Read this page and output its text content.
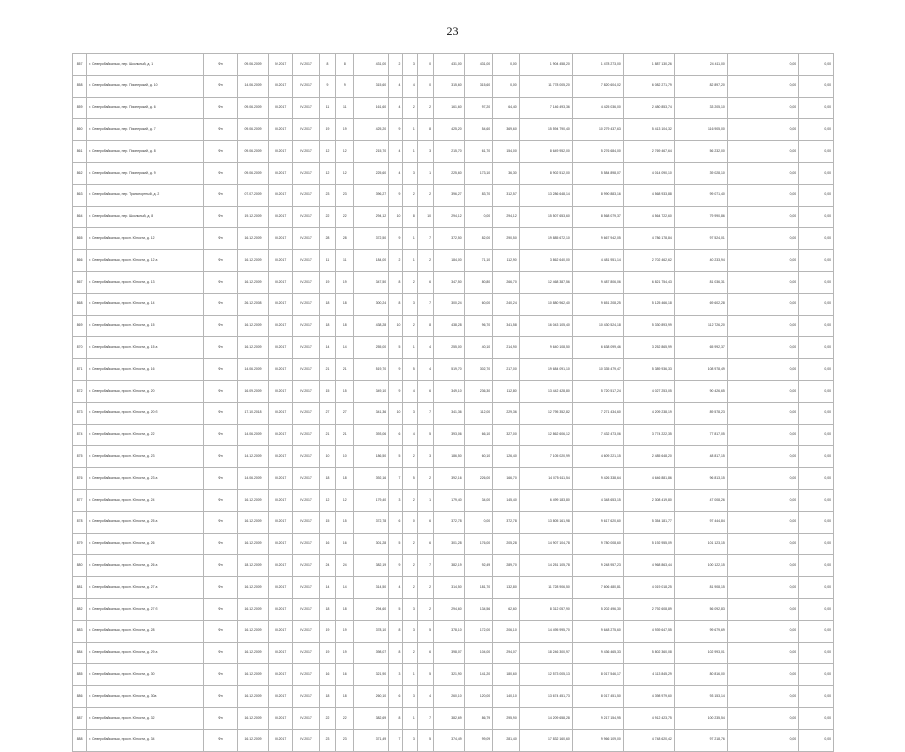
23
857	г. Северобайкальск, пер. Школьный, д. 1	Фн	09.06.2009	IV.2017	IV.2017	8	8	431,00	2	3	0	431,00	431,00	0,00	1 904 458,20	1 478 273,00	1 887 130,26	24 411,00	0,00	0,00
858	г. Северобайкальск, пер. Пионерский, д. 10	Фн	14.06.2009	III.2017	IV.2017	9	9	315,60	4	4	0	315,60	315,60	0,00	11 778 005,20	7 820 604,02	6 082 271,79	82 897,20	0,00	0,00
859	г. Северобайкальск, пер. Пионерский, д. 6	Фн	09.06.2009	III.2017	IV.2017	11	11	161,60	4	2	2	161,60	97,20	64,40	7 146 493,36	4 425 036,00	2 480 853,74	33 205,10	0,00	0,00
860	г. Северобайкальск, пер. Пионерский, д. 7	Фн	09.06.2009	III.2017	IV.2017	19	19	425,20	9	1	8	425,20	54,60	369,60	15 594 790,40	10 279 437,63	5 413 104,32	116 905,00	0,00	0,00
861	г. Северобайкальск, пер. Пионерский, д. 8	Фн	09.06.2009	III.2017	IV.2017	12	12	215,70	4	1	3	215,70	61,70	154,00	8 649 952,00	5 276 684,00	2 769 467,64	56 232,00	0,00	0,00
862	г. Северобайкальск, пер. Пионерский, д. 9	Фн	09.06.2009	III.2017	IV.2017	12	12	225,60	4	3	1	225,60	173,10	36,30	8 902 512,00	5 584 898,07	4 014 090,10	39 028,10	0,00	0,00
863	г. Северобайкальск, пер. Транспортный, д. 2	Фн	07.07.2009	III.2017	IV.2017	23	23	396,27	9	2	2	396,27	83,70	312,57	13 286 648,14	8 990 883,16	4 568 933,88	99 071,40	0,00	0,00
864	г. Северобайкальск, пер. Школьный, д. 8	Фн	19.12.2009	III.2017	IV.2017	22	22	294,12	10	8	10	294,12	0,00	294,12	15 507 653,60	8 568 079,37	4 564 722,60	79 990,86	0,00	0,00
865	г. Северобайкальск, просп. Юности, д. 12	Фн	16.12.2009	III.2017	IV.2017	28	28	372,50	9	1	7	372,50	82,00	290,50	19 885 672,10	9 667 942,05	4 786 178,84	97 524,01	0,00	0,00
866	г. Северобайкальск, просп. Юности, д. 12 а	Фн	16.12.2009	III.2017	IV.2017	11	11	184,00	2	1	2	184,00	71,10	112,90	3 862 640,00	4 481 951,14	2 702 462,62	40 233,94	0,00	0,00
867	г. Северобайкальск, просп. Юности, д. 13	Фн	16.12.2009	III.2017	IV.2017	19	19	347,50	8	2	6	347,50	80,80	266,70	12 468 387,56	9 487 806,06	6 821 754,43	81 036,31	0,00	0,00
868	г. Северобайкальск, просп. Юности, д. 14	Фн	26.12.2008	III.2017	IV.2017	18	18	300,24	8	3	7	300,24	60,00	240,24	10 880 962,40	9 651 208,25	5 125 466,18	69 602,28	0,00	0,00
869	г. Северобайкальск, просп. Юности, д. 15	Фн	16.12.2009	III.2017	IV.2017	18	18	438,28	10	2	8	438,28	96,70	341,58	16 043 105,40	10 430 524,18	5 330 893,99	112 726,20	0,00	0,00
870	г. Северобайкальск, просп. Юности, д. 15 а	Фн	16.12.2009	III.2017	IV.2017	14	14	255,00	5	1	4	255,00	40,10	214,90	9 640 108,50	6 638 099,46	3 252 865,99	65 992,37	0,00	0,00
871	г. Северобайкальск, просп. Юности, д. 16	Фн	14.06.2009	III.2017	IV.2017	21	21	519,70	9	5	4	519,70	302,70	217,00	19 684 091,10	10 335 479,47	5 389 936,33	108 978,49	0,00	0,00
872	г. Северобайкальск, просп. Юности, д. 20	Фн	16.09.2009	III.2017	IV.2017	15	15	349,10	9	4	6	349,10	236,30	112,80	13 442 428,80	5 720 517,24	4 027 253,05	90 426,65	0,00	0,00
873	г. Северобайкальск, просп. Юности, д. 20 б	Фн	17.10.2018	III.2017	IV.2017	27	27	341,36	10	3	7	341,36	112,00	229,36	12 795 352,82	7 271 434,60	4 209 238,19	89 578,23	0,00	0,00
874	г. Северобайкальск, просп. Юности, д. 22	Фн	14.06.2009	III.2017	IV.2017	21	21	393,06	6	4	5	393,06	66,10	327,00	12 862 606,12	7 432 473,06	3 774 222,35	77 817,05	0,00	0,00
875	г. Северобайкальск, просп. Юности, д. 23	Фн	14.12.2009	III.2017	IV.2017	10	10	186,50	5	2	3	186,50	60,10	126,40	7 105 020,99	4 609 221,15	2 485 648,20	48 817,15	0,00	0,00
876	г. Северобайкальск, просп. Юности, д. 23 а	Фн	14.06.2009	III.2017	IV.2017	18	18	392,16	7	5	2	392,16	226,00	166,70	14 075 611,54	9 426 338,64	4 646 881,86	96 813,15	0,00	0,00
877	г. Северобайкальск, просп. Юности, д. 24	Фн	16.12.2009	III.2017	IV.2017	12	12	179,40	3	2	1	179,40	34,00	145,40	6 499 183,80	4 348 653,15	2 308 419,80	47 008,26	0,00	0,00
878	г. Северобайкальск, просп. Юности, д. 25 а	Фн	16.12.2009	III.2017	IV.2017	15	15	372,78	6	0	6	372,78	0,00	372,78	13 805 161,98	9 617 620,60	5 354 181,77	97 444,84	0,00	0,00
879	г. Северобайкальск, просп. Юности, д. 26	Фн	16.12.2009	III.2017	IV.2017	16	16	301,28	5	2	6	301,28	176,00	205,28	14 907 104,78	9 780 008,60	5 192 955,09	101 123,15	0,00	0,00
880	г. Северобайкальск, просп. Юности, д. 26 а	Фн	18.12.2009	III.2017	IV.2017	24	24	382,19	9	2	7	382,19	92,49	289,70	14 251 105,78	9 248 957,23	4 968 863,44	100 122,15	0,00	0,00
881	г. Северобайкальск, просп. Юности, д. 27 а	Фн	16.12.2009	III.2017	IV.2017	14	14	314,50	4	2	2	314,50	181,70	132,80	11 728 906,50	7 606 480,81	4 019 018,25	81 908,15	0,00	0,00
882	г. Северобайкальск, просп. Юности, д. 27 б	Фн	16.12.2009	III.2017	IV.2017	18	18	294,60	5	3	2	294,60	134,56	62,60	8 312 057,90	5 202 496,30	2 792 608,89	56 092,83	0,00	0,00
883	г. Северобайкальск, просп. Юности, д. 28	Фн	16.12.2009	III.2017	IV.2017	19	19	378,10	8	3	5	378,10	172,00	206,10	14 495 995,70	9 648 275,60	4 939 647,55	99 679,69	0,00	0,00
884	г. Северобайкальск, просп. Юности, д. 29 а	Фн	16.12.2009	III.2017	IV.2017	19	19	398,07	8	2	6	398,07	104,00	294,07	18 246 300,97	9 436 465,33	5 802 360,08	102 993,01	0,00	0,00
885	г. Северобайкальск, просп. Юности, д. 30	Фн	16.12.2009	III.2017	IV.2017	16	16	321,90	3	1	5	321,90	141,20	180,60	12 573 005,13	8 017 546,17	4 113 845,29	80 816,00	0,00	0,00
886	г. Северобайкальск, просп. Юности, д. 30а	Фн	16.12.2009	III.2017	IV.2017	18	18	260,10	6	3	4	260,10	120,00	140,10	13 674 451,73	8 017 451,50	4 398 979,60	93 153,14	0,00	0,00
887	г. Северобайкальск, просп. Юности, д. 32	Фн	16.12.2009	III.2017	IV.2017	22	22	382,69	8	1	7	382,69	86,79	295,90	14 209 658,28	9 217 154,95	4 912 423,75	100 235,54	0,00	0,00
888	г. Северобайкальск, просп. Юности, д. 34	Фн	16.12.2009	III.2017	IV.2017	23	23	371,49	7	3	5	374,49	99,09	281,40	17 832 160,60	9 966 109,00	4 748 620,42	97 218,76	0,00	0,00
